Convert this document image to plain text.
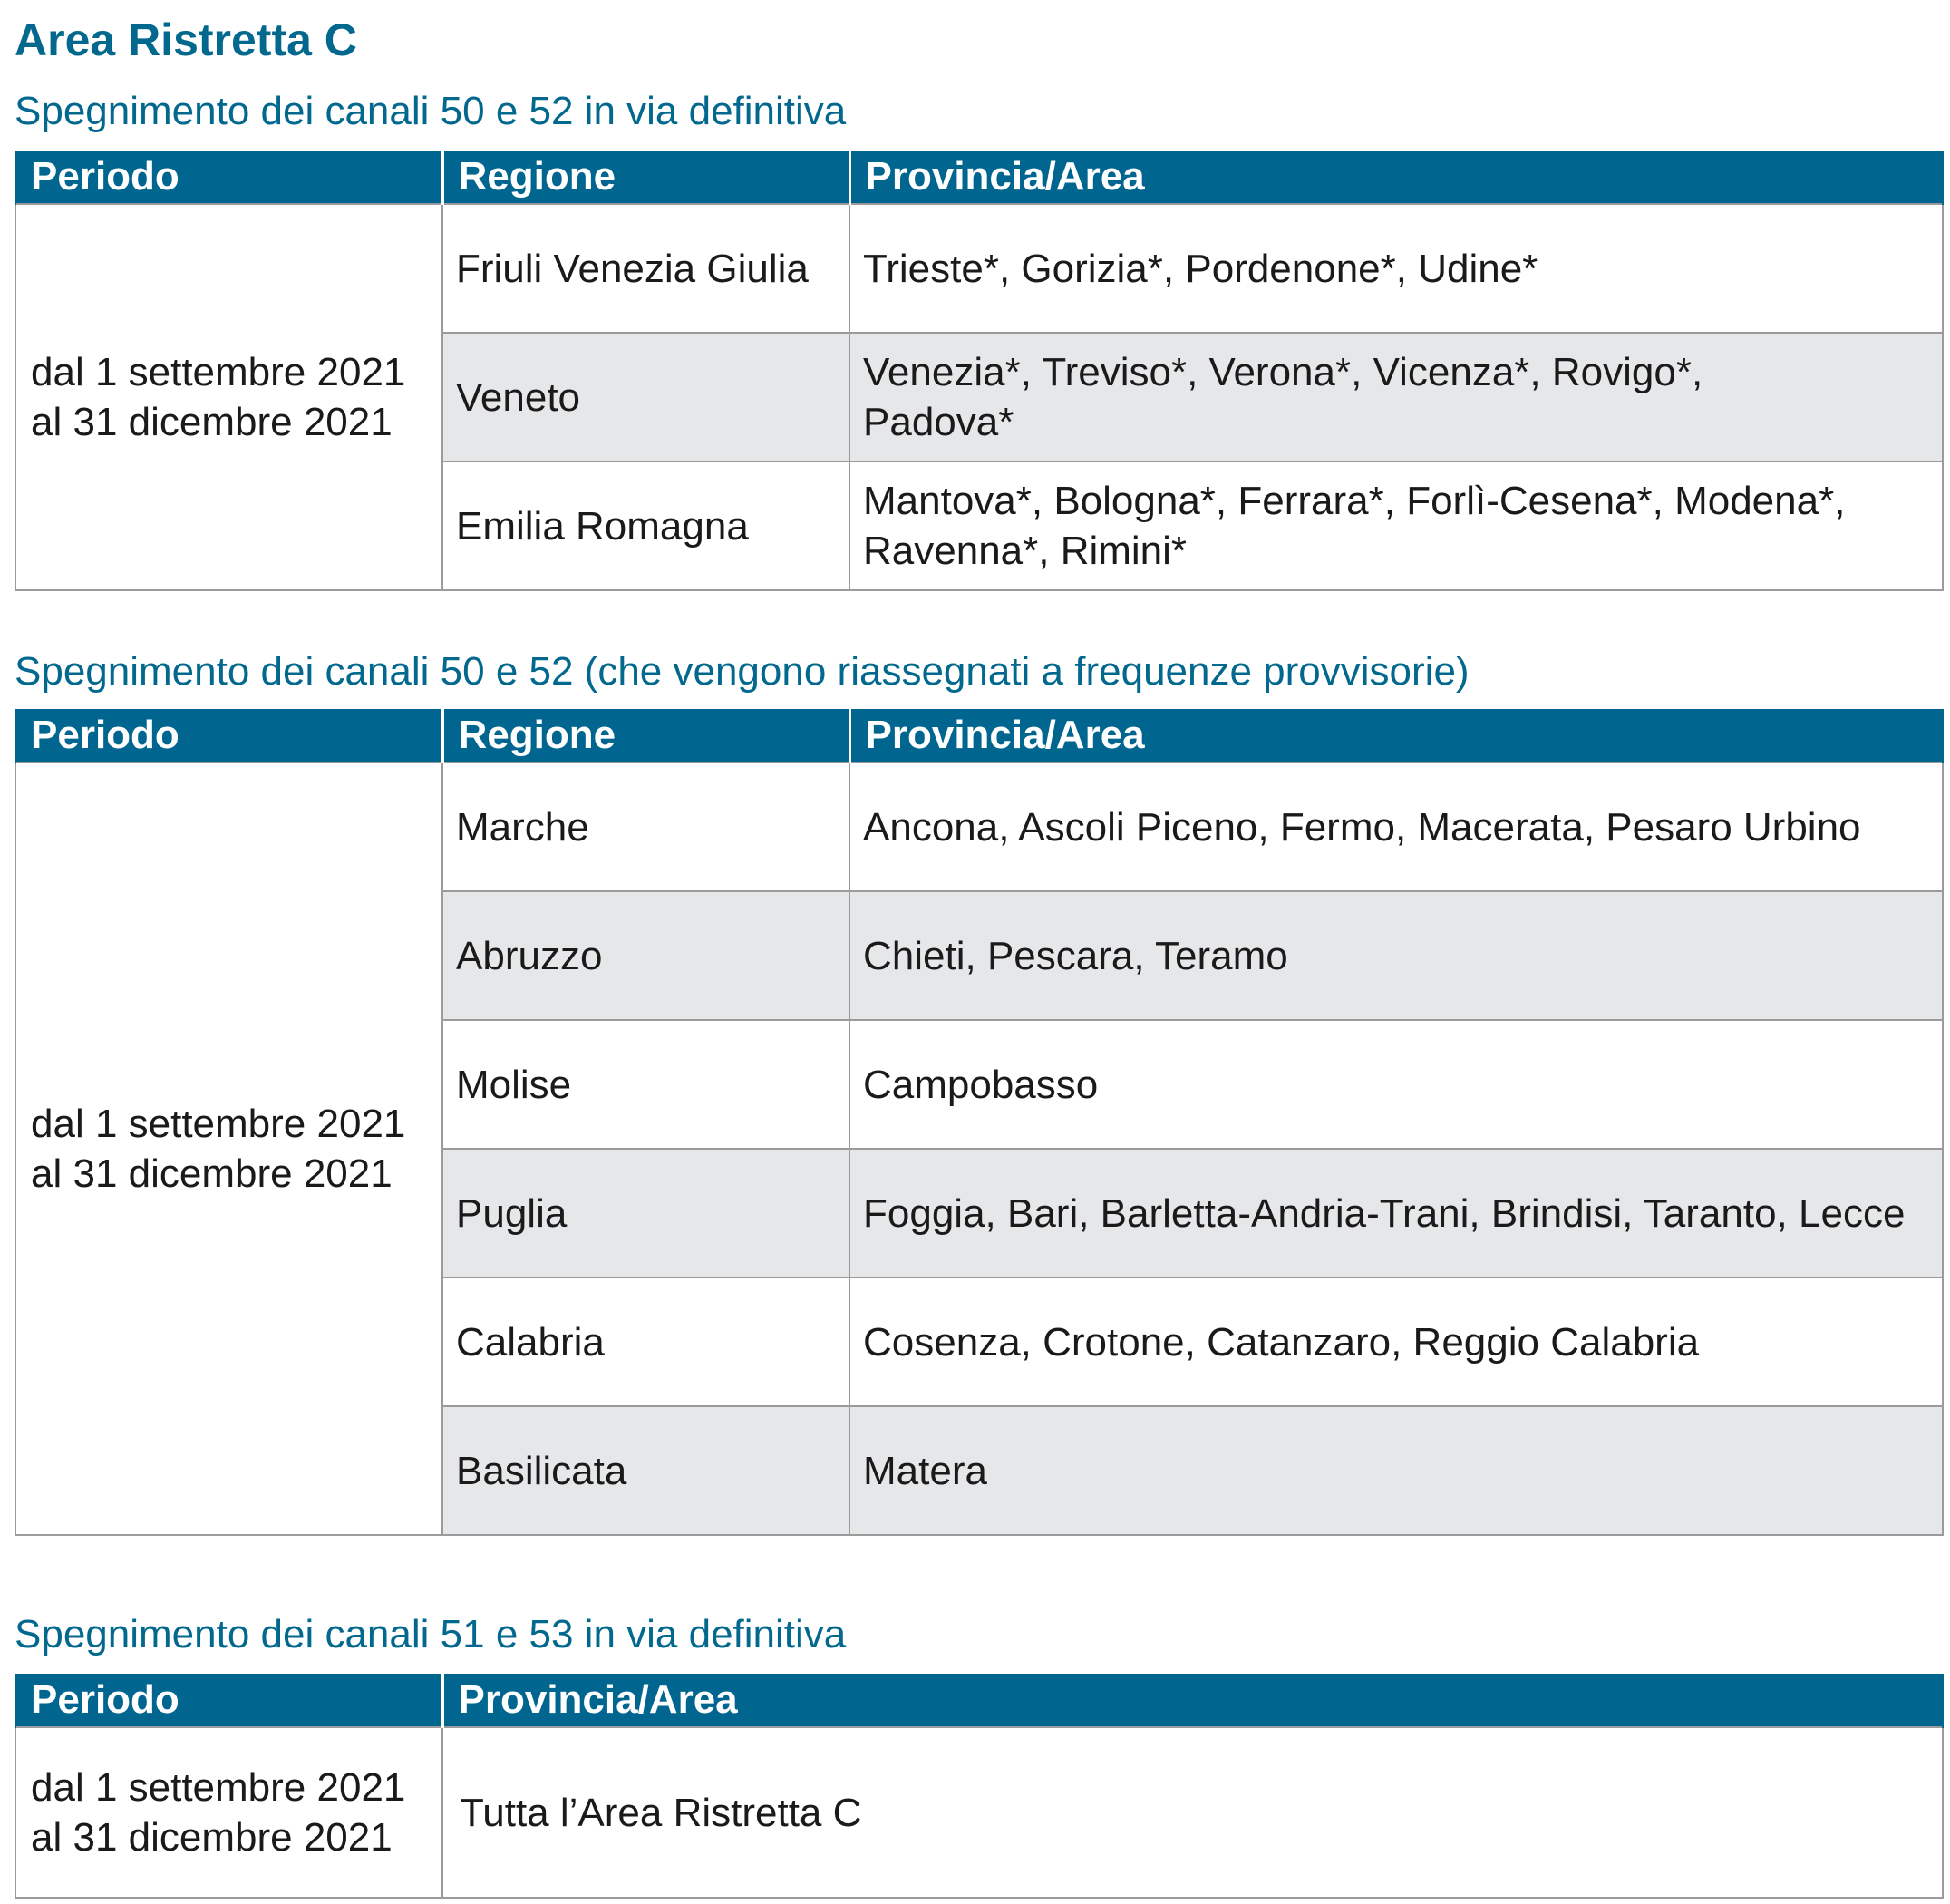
Area Ristretta C
Spegnimento dei canali 50 e 52 in via definitiva
Periodo	Regione	Provincia/Area

dal 1 settembre 2021
al 31 dicembre 2021	Friuli Venezia Giulia	Trieste*, Gorizia*, Pordenone*, Udine*

	Veneto	Venezia*, Treviso*, Verona*, Vicenza*, Rovigo*,
Padova*

	Emilia Romagna	Mantova*, Bologna*, Ferrara*, Forlì-Cesena*, Modena*,
Ravenna*, Rimini*
Spegnimento dei canali 50 e 52 (che vengono riassegnati a frequenze provvisorie)
Periodo	Regione	Provincia/Area

dal 1 settembre 2021
al 31 dicembre 2021	Marche	Ancona, Ascoli Piceno, Fermo, Macerata, Pesaro Urbino
	Abruzzo	Chieti, Pescara, Teramo
	Molise	Campobasso
	Puglia	Foggia, Bari, Barletta-Andria-Trani, Brindisi, Taranto, Lecce
	Calabria	Cosenza, Crotone, Catanzaro, Reggio Calabria
	Basilicata	Matera
Spegnimento dei canali 51 e 53 in via definitiva
Periodo	Provincia/Area

dal 1 settembre 2021
al 31 dicembre 2021	Tutta l’Area Ristretta C
